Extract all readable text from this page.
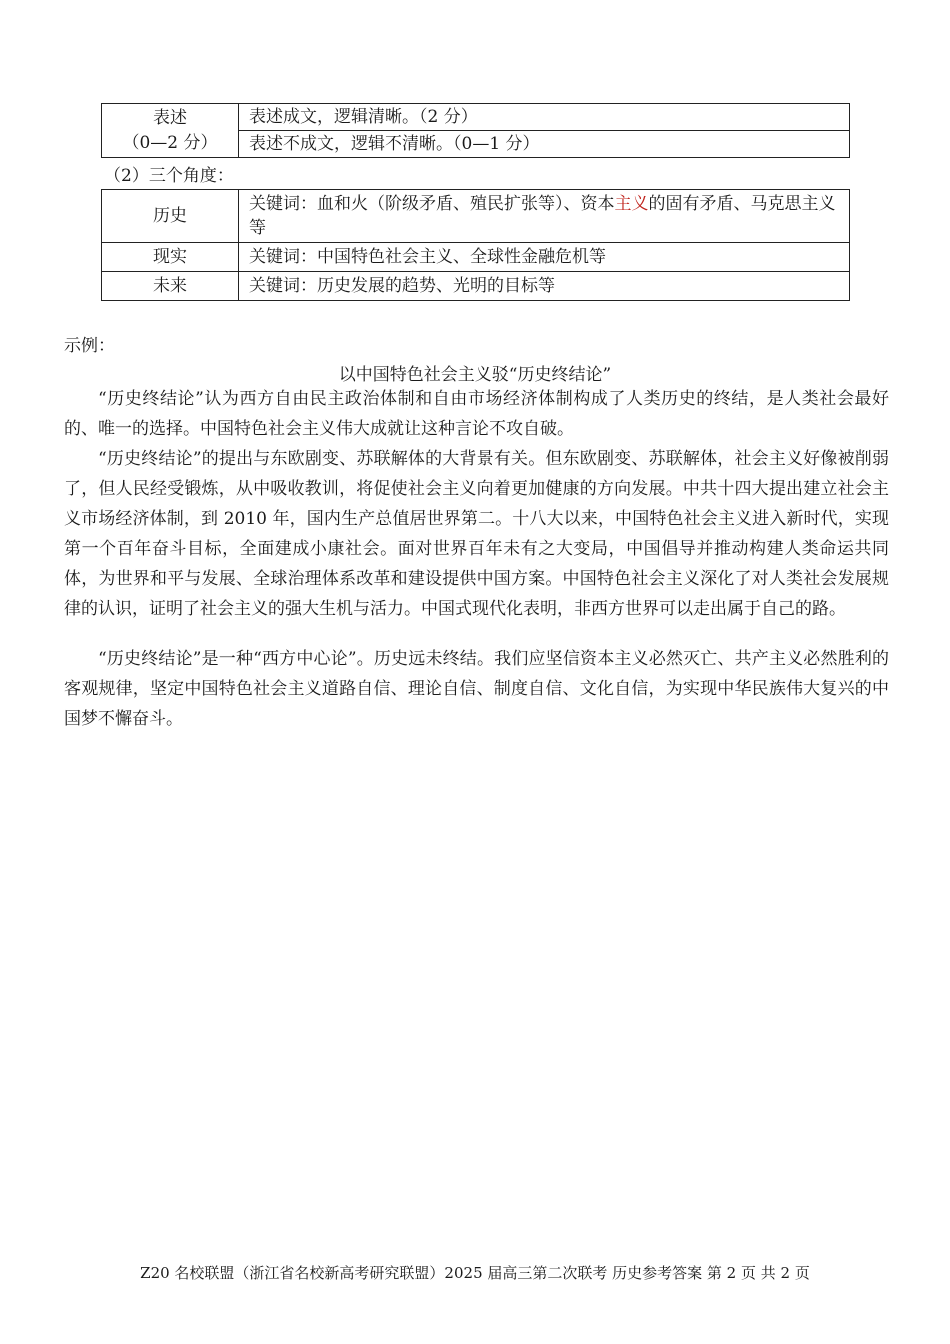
表述
（0—2 分）
	表述成文，逻辑清晰。（2 分）
表述不成文，逻辑不清晰。（0—1 分）
（2）三个角度：
历史	关键词：血和火（阶级矛盾、殖民扩张等）、资本主义的固有矛盾、马克思主义等
现实	关键词：中国特色社会主义、全球性金融危机等
未来	关键词：历史发展的趋势、光明的目标等
示例：
以中国特色社会主义驳“历史终结论”

“历史终结论”认为西方自由民主政治体制和自由市场经济体制构成了人类历史的终结，是人类社会最好的、唯一的选择。中国特色社会主义伟大成就让这种言论不攻自破。

“历史终结论”的提出与东欧剧变、苏联解体的大背景有关。但东欧剧变、苏联解体，社会主义好像被削弱了，但人民经受锻炼，从中吸收教训，将促使社会主义向着更加健康的方向发展。中共十四大提出建立社会主义市场经济体制，到 2010 年，国内生产总值居世界第二。十八大以来，中国特色社会主义进入新时代，实现第一个百年奋斗目标，全面建成小康社会。面对世界百年未有之大变局，中国倡导并推动构建人类命运共同体，为世界和平与发展、全球治理体系改革和建设提供中国方案。中国特色社会主义深化了对人类社会发展规律的认识，证明了社会主义的强大生机与活力。中国式现代化表明，非西方世界可以走出属于自己的路。

“历史终结论”是一种“西方中心论”。历史远未终结。我们应坚信资本主义必然灭亡、共产主义必然胜利的客观规律，坚定中国特色社会主义道路自信、理论自信、制度自信、文化自信，为实现中华民族伟大复兴的中国梦不懈奋斗。

Z20 名校联盟（浙江省名校新高考研究联盟）2025 届高三第二次联考 历史参考答案 第 2 页 共 2 页
